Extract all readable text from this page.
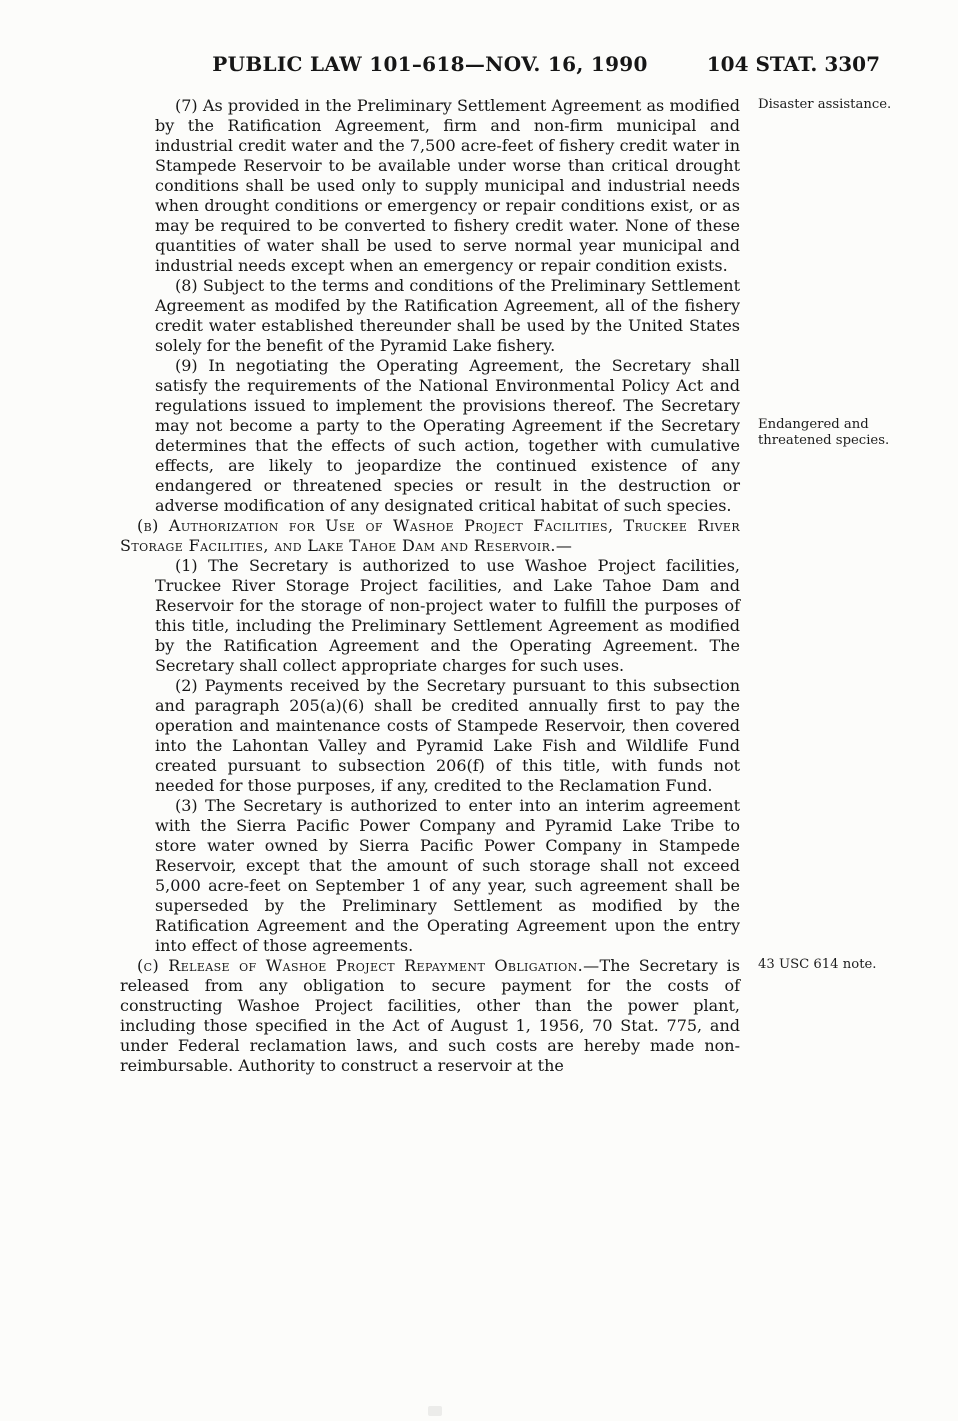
PUBLIC LAW 101–618—NOV. 16, 1990	104 STAT. 3307

(7) As provided in the Preliminary Settlement Agreement as modified by the Ratification Agreement, firm and non-firm municipal and industrial credit water and the 7,500 acre-feet of fishery credit water in Stampede Reservoir to be available under worse than critical drought conditions shall be used only to supply municipal and industrial needs when drought conditions or emergency or repair conditions exist, or as may be required to be converted to fishery credit water. None of these quantities of water shall be used to serve normal year municipal and industrial needs except when an emergency or repair condition exists.

Disaster assistance.

(8) Subject to the terms and conditions of the Preliminary Settlement Agreement as modifed by the Ratification Agreement, all of the fishery credit water established thereunder shall be used by the United States solely for the benefit of the Pyramid Lake fishery.

(9) In negotiating the Operating Agreement, the Secretary shall satisfy the requirements of the National Environmental Policy Act and regulations issued to implement the provisions thereof. The Secretary may not become a party to the Operating Agreement if the Secretary determines that the effects of such action, together with cumulative effects, are likely to jeopardize the continued existence of any endangered or threatened species or result in the destruction or adverse modification of any designated critical habitat of such species.

Endangered and threatened species.

(b) Authorization for Use of Washoe Project Facilities, Truckee River Storage Facilities, and Lake Tahoe Dam and Reservoir.—

(1) The Secretary is authorized to use Washoe Project facilities, Truckee River Storage Project facilities, and Lake Tahoe Dam and Reservoir for the storage of non-project water to fulfill the purposes of this title, including the Preliminary Settlement Agreement as modified by the Ratification Agreement and the Operating Agreement. The Secretary shall collect appropriate charges for such uses.

(2) Payments received by the Secretary pursuant to this subsection and paragraph 205(a)(6) shall be credited annually first to pay the operation and maintenance costs of Stampede Reservoir, then covered into the Lahontan Valley and Pyramid Lake Fish and Wildlife Fund created pursuant to subsection 206(f) of this title, with funds not needed for those purposes, if any, credited to the Reclamation Fund.

(3) The Secretary is authorized to enter into an interim agreement with the Sierra Pacific Power Company and Pyramid Lake Tribe to store water owned by Sierra Pacific Power Company in Stampede Reservoir, except that the amount of such storage shall not exceed 5,000 acre-feet on September 1 of any year, such agreement shall be superseded by the Preliminary Settlement as modified by the Ratification Agreement and the Operating Agreement upon the entry into effect of those agreements.

(c) Release of Washoe Project Repayment Obligation.—The Secretary is released from any obligation to secure payment for the costs of constructing Washoe Project facilities, other than the power plant, including those specified in the Act of August 1, 1956, 70 Stat. 775, and under Federal reclamation laws, and such costs are hereby made non-reimbursable. Authority to construct a reservoir at the

43 USC 614 note.
